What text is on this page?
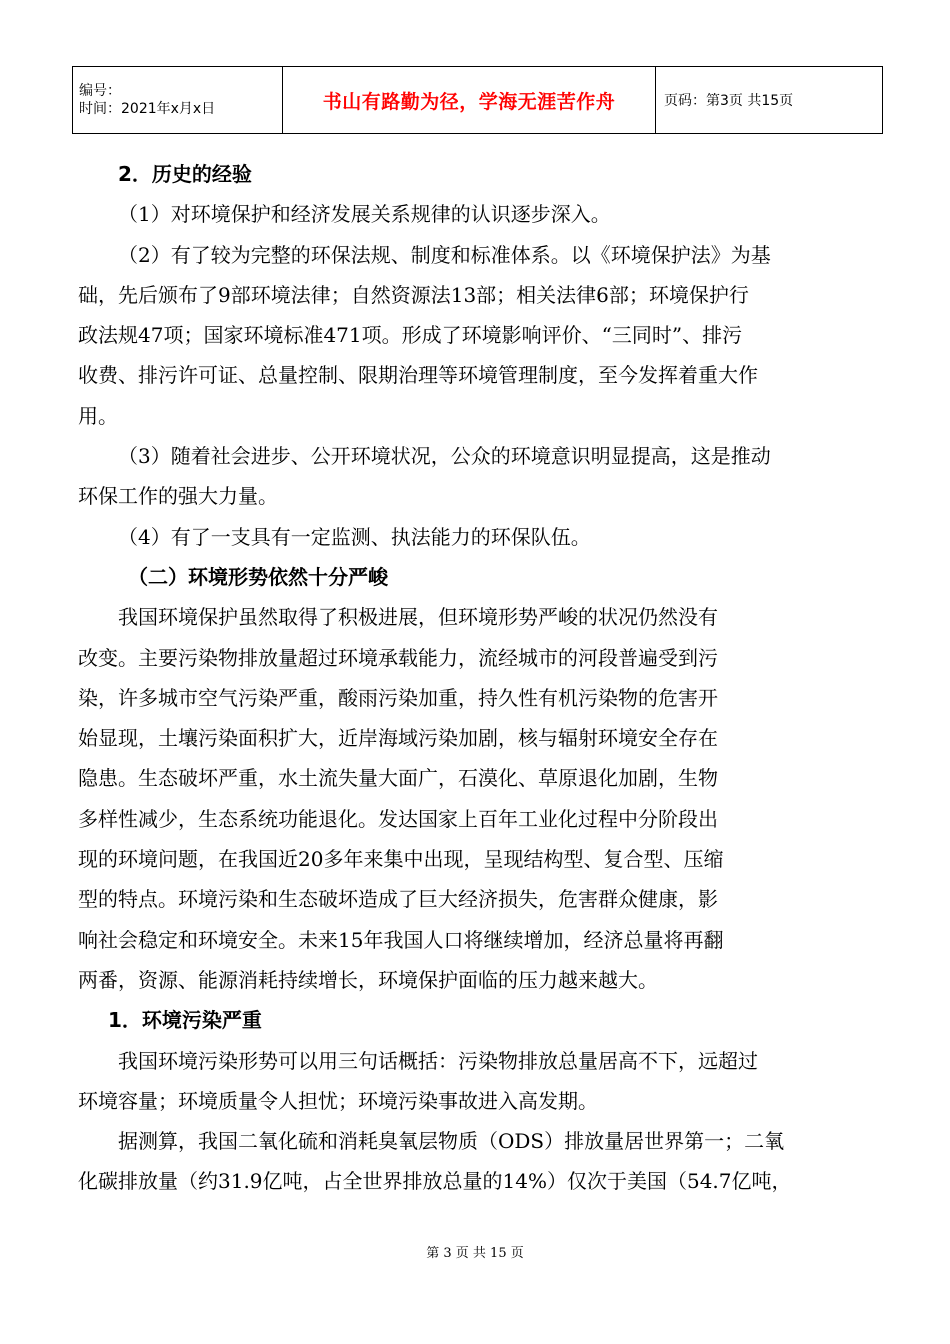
编号：
时间：2021年x月x日	书山有路勤为径，学海无涯苦作舟	页码：第3页 共15页

2．历史的经验

（1）对环境保护和经济发展关系规律的认识逐步深入。

（2）有了较为完整的环保法规、制度和标准体系。以《环境保护法》为基
础，先后颁布了9部环境法律；自然资源法13部；相关法律6部；环境保护行
政法规47项；国家环境标准471项。形成了环境影响评价、“三同时”、排污
收费、排污许可证、总量控制、限期治理等环境管理制度，至今发挥着重大作
用。

（3）随着社会进步、公开环境状况，公众的环境意识明显提高，这是推动
环保工作的强大力量。

（4）有了一支具有一定监测、执法能力的环保队伍。

（二）环境形势依然十分严峻

我国环境保护虽然取得了积极进展，但环境形势严峻的状况仍然没有
改变。主要污染物排放量超过环境承载能力，流经城市的河段普遍受到污
染，许多城市空气污染严重，酸雨污染加重，持久性有机污染物的危害开
始显现，土壤污染面积扩大，近岸海域污染加剧，核与辐射环境安全存在
隐患。生态破坏严重，水土流失量大面广，石漠化、草原退化加剧，生物
多样性减少，生态系统功能退化。发达国家上百年工业化过程中分阶段出
现的环境问题，在我国近20多年来集中出现，呈现结构型、复合型、压缩
型的特点。环境污染和生态破坏造成了巨大经济损失，危害群众健康，影
响社会稳定和环境安全。未来15年我国人口将继续增加，经济总量将再翻
两番，资源、能源消耗持续增长，环境保护面临的压力越来越大。

1．环境污染严重

我国环境污染形势可以用三句话概括：污染物排放总量居高不下，远超过
环境容量；环境质量令人担忧；环境污染事故进入高发期。

据测算，我国二氧化硫和消耗臭氧层物质（ODS）排放量居世界第一；二氧
化碳排放量（约31.9亿吨，占全世界排放总量的14%）仅次于美国（54.7亿吨，

第 3 页 共 15 页
